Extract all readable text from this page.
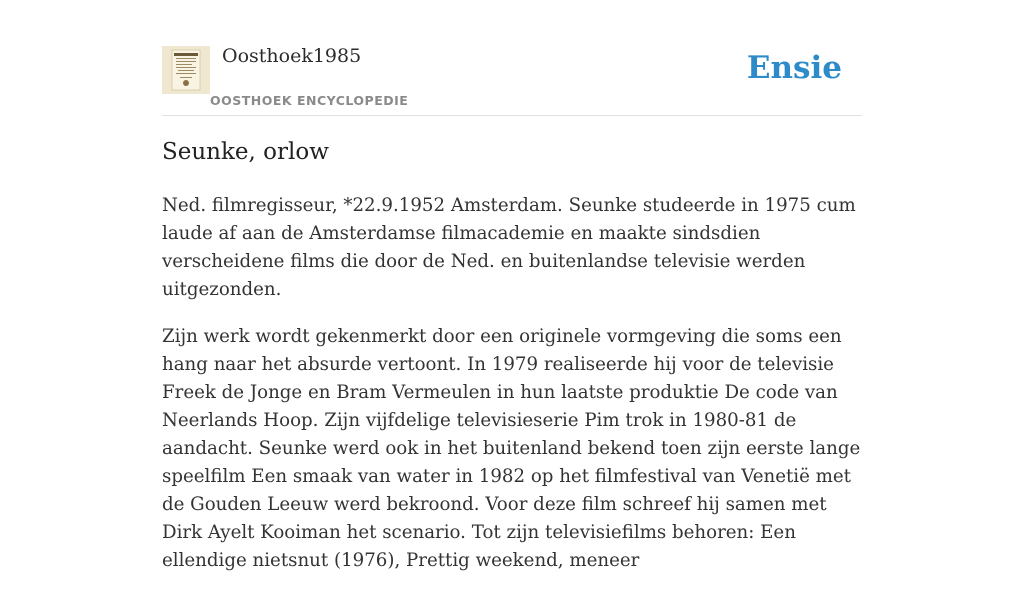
Oosthoek1985
OOSTHOEK ENCYCLOPEDIE
Ensie
Seunke, orlow

Ned. filmregisseur, *22.9.1952 Amsterdam. Seunke studeerde in 1975 cum laude af aan de Amsterdamse filmacademie en maakte sindsdien verscheidene films die door de Ned. en buitenlandse televisie werden uitgezonden.

Zijn werk wordt gekenmerkt door een originele vormgeving die soms een hang naar het absurde vertoont. In 1979 realiseerde hij voor de televisie Freek de Jonge en Bram Vermeulen in hun laatste produktie De code van Neerlands Hoop. Zijn vijfdelige televisieserie Pim trok in 1980-81 de aandacht. Seunke werd ook in het buitenland bekend toen zijn eerste lange speelfilm Een smaak van water in 1982 op het filmfestival van Venetië met de Gouden Leeuw werd bekroond. Voor deze film schreef hij samen met Dirk Ayelt Kooiman het scenario. Tot zijn televisiefilms behoren: Een ellendige nietsnut (1976), Prettig weekend, meneer
